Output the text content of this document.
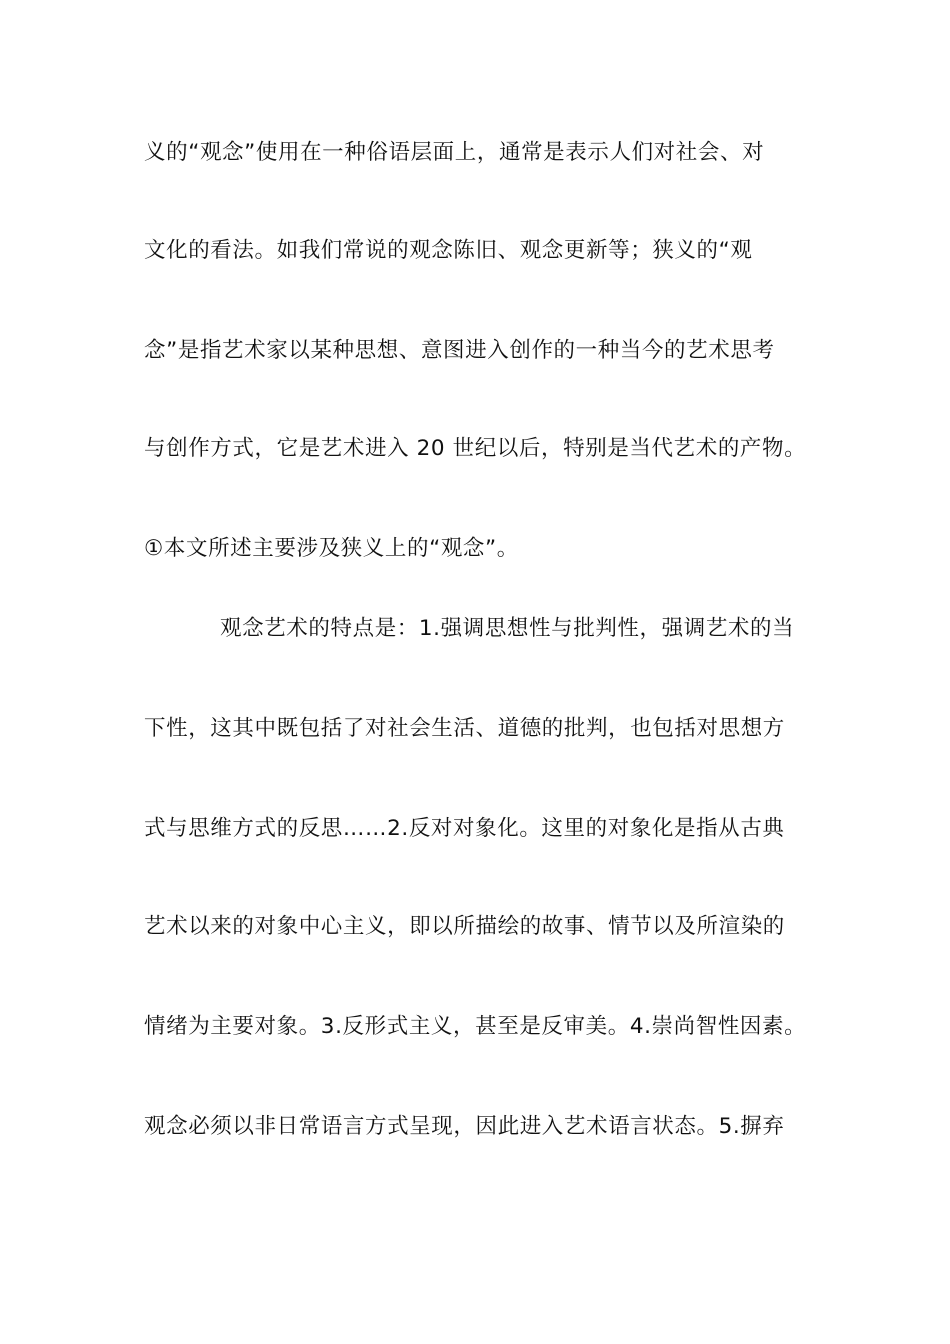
义的“观念”使用在一种俗语层面上，通常是表示人们对社会、对
文化的看法。如我们常说的观念陈旧、观念更新等；狭义的“观
念”是指艺术家以某种思想、意图进入创作的一种当今的艺术思考
与创作方式，它是艺术进入 20 世纪以后，特别是当代艺术的产物。
①本文所述主要涉及狭义上的“观念”。
观念艺术的特点是：1.强调思想性与批判性，强调艺术的当
下性，这其中既包括了对社会生活、道德的批判，也包括对思想方
式与思维方式的反思……2.反对对象化。这里的对象化是指从古典
艺术以来的对象中心主义，即以所描绘的故事、情节以及所渲染的
情绪为主要对象。3.反形式主义，甚至是反审美。4.崇尚智性因素。
观念必须以非日常语言方式呈现，因此进入艺术语言状态。5.摒弃
